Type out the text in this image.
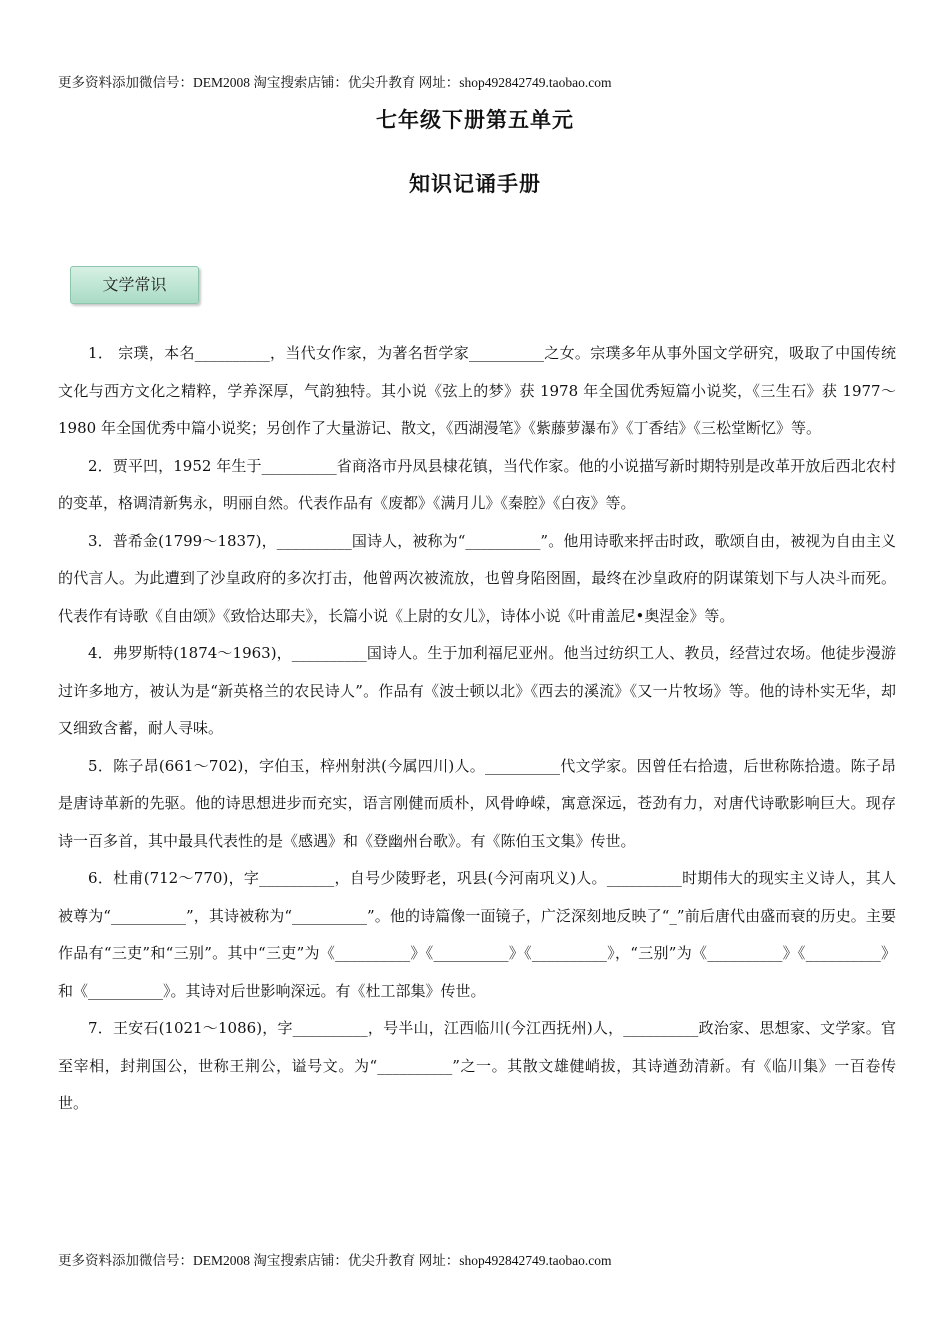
更多资料添加微信号：DEM2008 淘宝搜索店铺：优尖升教育 网址：shop492842749.taobao.com
七年级下册第五单元
知识记诵手册
文学常识

1． 宗璞，本名__________，当代女作家，为著名哲学家__________之女。宗璞多年从事外国文学研究，吸取了中国传统文化与西方文化之精粹，学养深厚，气韵独特。其小说《弦上的梦》获 1978 年全国优秀短篇小说奖，《三生石》获 1977～1980 年全国优秀中篇小说奖；另创作了大量游记、散文，《西湖漫笔》《紫藤萝瀑布》《丁香结》《三松堂断忆》等。

2．贾平凹，1952 年生于__________省商洛市丹凤县棣花镇，当代作家。他的小说描写新时期特别是改革开放后西北农村的变革，格调清新隽永，明丽自然。代表作品有《废都》《满月儿》《秦腔》《白夜》等。

3．普希金(1799～1837)，__________国诗人，被称为“__________”。他用诗歌来抨击时政，歌颂自由，被视为自由主义的代言人。为此遭到了沙皇政府的多次打击，他曾两次被流放，也曾身陷囹圄，最终在沙皇政府的阴谋策划下与人决斗而死。代表作有诗歌《自由颂》《致恰达耶夫》，长篇小说《上尉的女儿》，诗体小说《叶甫盖尼•奥涅金》等。

4．弗罗斯特(1874～1963)，__________国诗人。生于加利福尼亚州。他当过纺织工人、教员，经营过农场。他徒步漫游过许多地方，被认为是“新英格兰的农民诗人”。作品有《波士顿以北》《西去的溪流》《又一片牧场》等。他的诗朴实无华，却又细致含蓄，耐人寻味。

5．陈子昂(661～702)，字伯玉，梓州射洪(今属四川)人。__________代文学家。因曾任右拾遗，后世称陈拾遗。陈子昂是唐诗革新的先驱。他的诗思想进步而充实，语言刚健而质朴，风骨峥嵘，寓意深远，苍劲有力，对唐代诗歌影响巨大。现存诗一百多首，其中最具代表性的是《感遇》和《登幽州台歌》。有《陈伯玉文集》传世。

6．杜甫(712～770)，字__________，自号少陵野老，巩县(今河南巩义)人。__________时期伟大的现实主义诗人，其人被尊为“__________”，其诗被称为“__________”。他的诗篇像一面镜子，广泛深刻地反映了“_”前后唐代由盛而衰的历史。主要作品有“三吏”和“三别”。其中“三吏”为《__________》《__________》《__________》，“三别”为《__________》《__________》和《__________》。其诗对后世影响深远。有《杜工部集》传世。

7．王安石(1021～1086)，字__________，号半山，江西临川(今江西抚州)人，__________政治家、思想家、文学家。官至宰相，封荆国公，世称王荆公，谥号文。为“__________”之一。其散文雄健峭拔，其诗遒劲清新。有《临川集》一百卷传世。

更多资料添加微信号：DEM2008 淘宝搜索店铺：优尖升教育 网址：shop492842749.taobao.com
